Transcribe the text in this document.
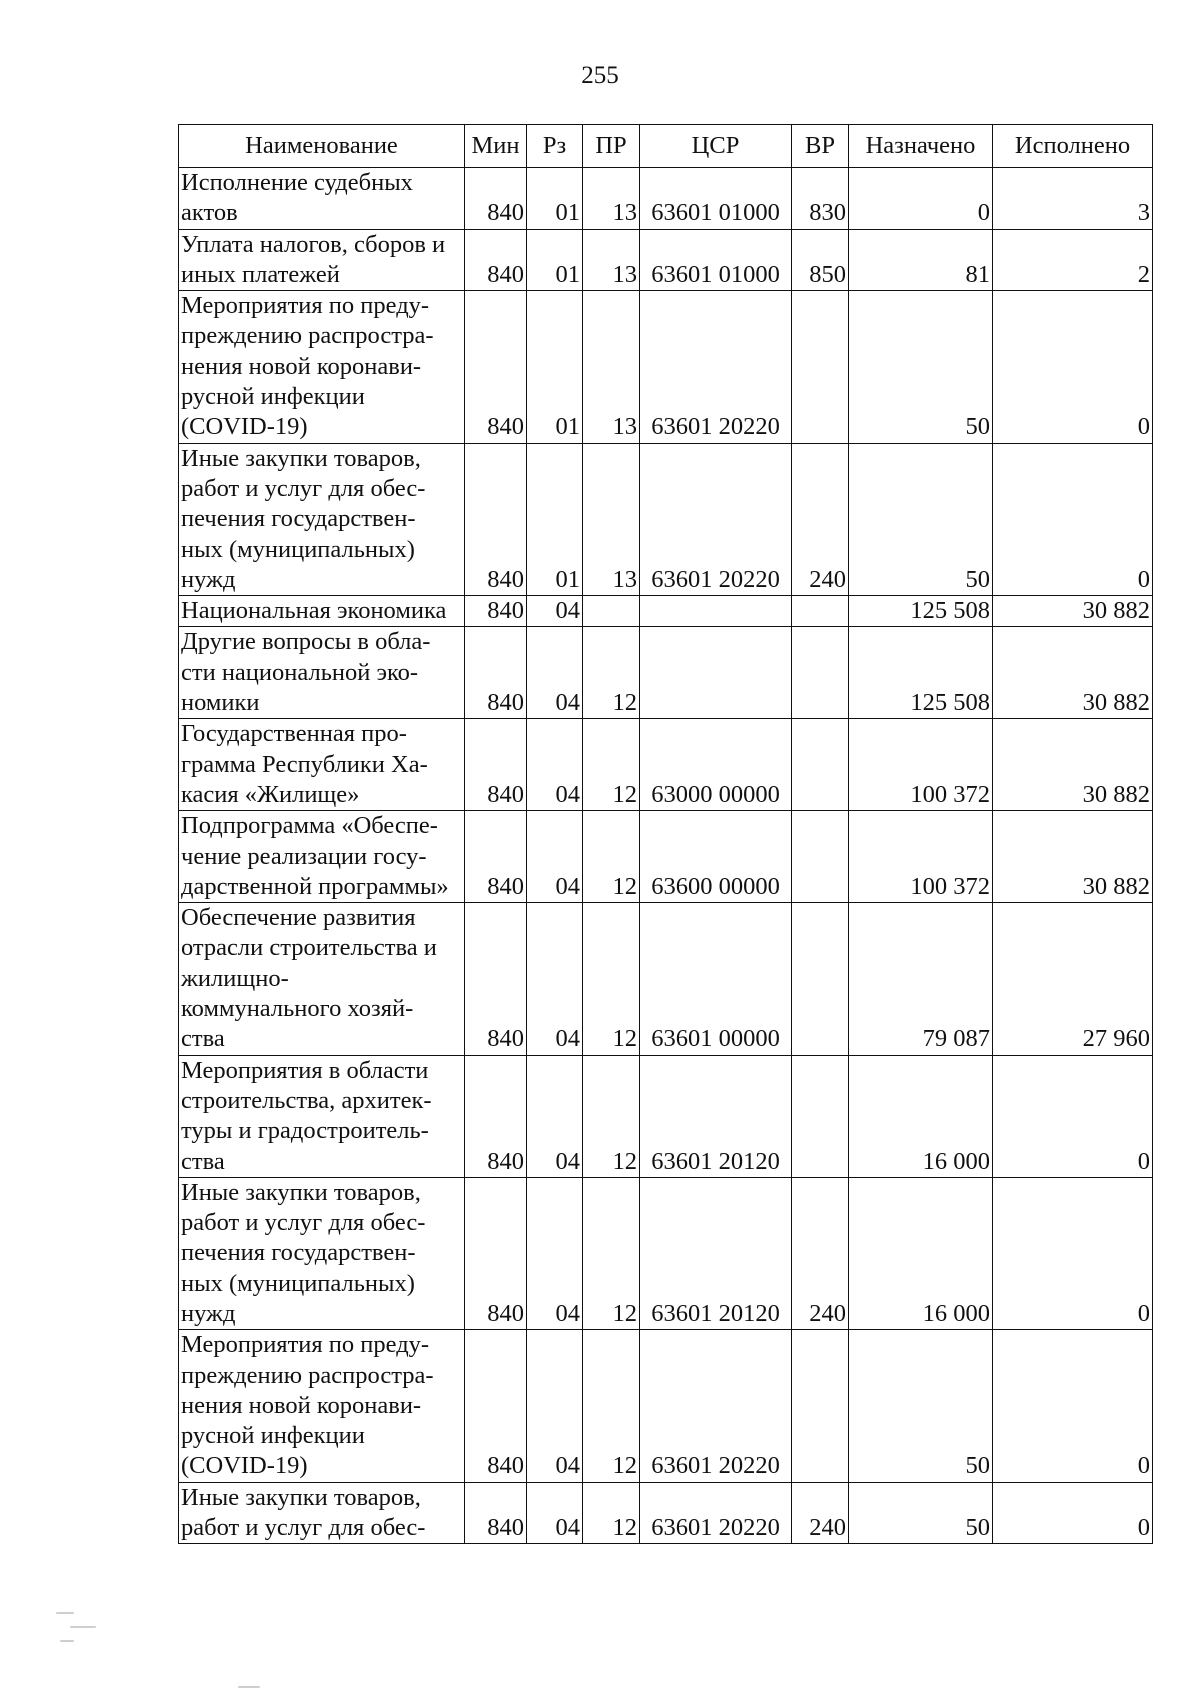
255
Наименование	Мин	Рз	ПР	ЦСР	ВР	Назначено	Исполнено
Исполнение судебных
актов	840	01	13	63601 01000	830	0	3
Уплата налогов, сборов и
иных платежей	840	01	13	63601 01000	850	81	2
Мероприятия по преду-
преждению распростра-
нения новой коронави-
русной инфекции
(COVID-19)	840	01	13	63601 20220		50	0
Иные закупки товаров,
работ и услуг для обес-
печения государствен-
ных (муниципальных)
нужд	840	01	13	63601 20220	240	50	0
Национальная экономика	840	04				125 508	30 882
Другие вопросы в обла-
сти национальной эко-
номики	840	04	12			125 508	30 882
Государственная про-
грамма Республики Ха-
касия «Жилище»	840	04	12	63000 00000		100 372	30 882
Подпрограмма «Обеспе-
чение реализации госу-
дарственной программы»	840	04	12	63600 00000		100 372	30 882
Обеспечение развития
отрасли строительства и
жилищно-
коммунального хозяй-
ства	840	04	12	63601 00000		79 087	27 960
Мероприятия в области
строительства, архитек-
туры и градостроитель-
ства	840	04	12	63601 20120		16 000	0
Иные закупки товаров,
работ и услуг для обес-
печения государствен-
ных (муниципальных)
нужд	840	04	12	63601 20120	240	16 000	0
Мероприятия по преду-
преждению распростра-
нения новой коронави-
русной инфекции
(COVID-19)	840	04	12	63601 20220		50	0
Иные закупки товаров,
работ и услуг для обес-	840	04	12	63601 20220	240	50	0
